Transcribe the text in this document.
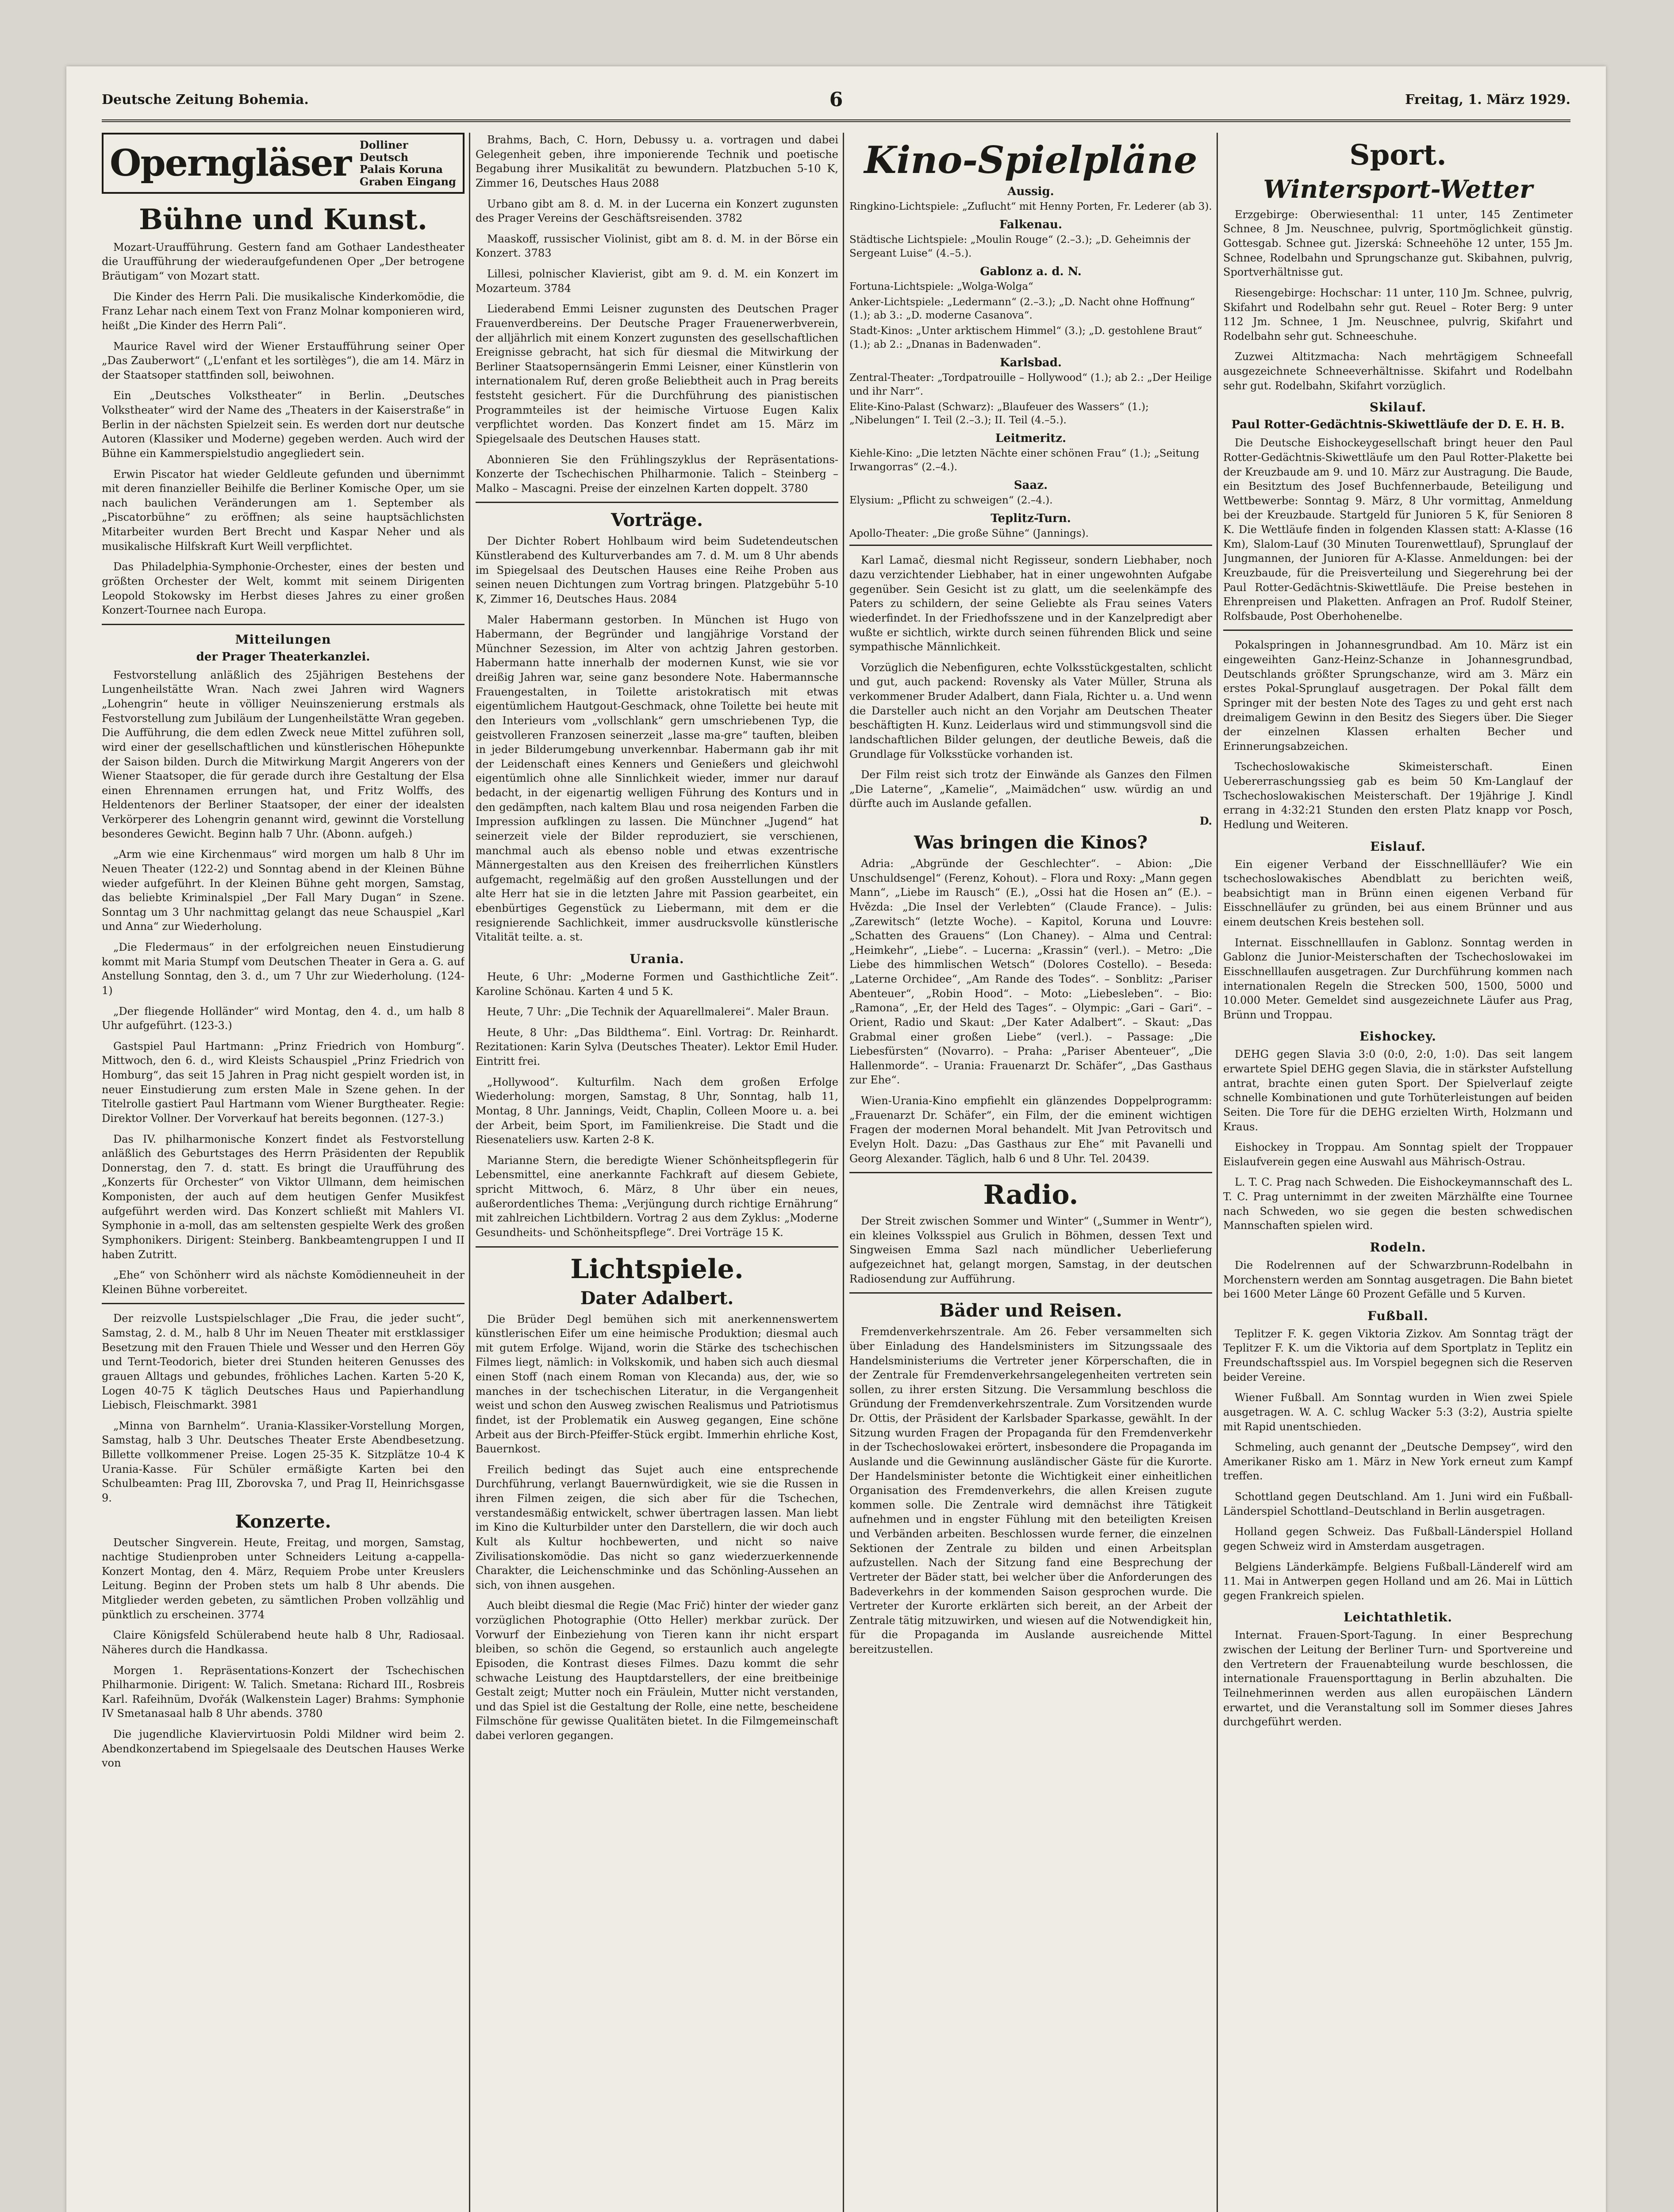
Deutsche Zeitung Bohemia.	6	Freitag, 1. März 1929.
Operngläser Dolliner Deutsch
Palais Koruna
Graben Eingang
Bühne und Kunst.

Mozart-Uraufführung. Gestern fand am Gothaer Landestheater die Uraufführung der wiederaufgefundenen Oper „Der betrogene Bräutigam“ von Mozart statt.

Die Kinder des Herrn Pali. Die musikalische Kinderkomödie, die Franz Lehar nach einem Text von Franz Molnar komponieren wird, heißt „Die Kinder des Herrn Pali“.

Maurice Ravel wird der Wiener Erstaufführung seiner Oper „Das Zauberwort“ („L'enfant et les sortilèges“), die am 14. März in der Staatsoper stattfinden soll, beiwohnen.

Ein „Deutsches Volkstheater“ in Berlin. „Deutsches Volkstheater“ wird der Name des „Theaters in der Kaiserstraße“ in Berlin in der nächsten Spielzeit sein. Es werden dort nur deutsche Autoren (Klassiker und Moderne) gegeben werden. Auch wird der Bühne ein Kammerspielstudio angegliedert sein.

Erwin Piscator hat wieder Geldleute gefunden und übernimmt mit deren finanzieller Beihilfe die Berliner Komische Oper, um sie nach baulichen Veränderungen am 1. September als „Piscatorbühne“ zu eröffnen; als seine hauptsächlichsten Mitarbeiter wurden Bert Brecht und Kaspar Neher und als musikalische Hilfskraft Kurt Weill verpflichtet.

Das Philadelphia-Symphonie-Orchester, eines der besten und größten Orchester der Welt, kommt mit seinem Dirigenten Leopold Stokowsky im Herbst dieses Jahres zu einer großen Konzert-Tournee nach Europa.

Mitteilungen
der Prager Theaterkanzlei.

Festvorstellung anläßlich des 25jährigen Bestehens der Lungenheilstätte Wran. Nach zwei Jahren wird Wagners „Lohengrin“ heute in völliger Neuinszenierung erstmals als Festvorstellung zum Jubiläum der Lungenheilstätte Wran gegeben. Die Aufführung, die dem edlen Zweck neue Mittel zuführen soll, wird einer der gesellschaftlichen und künstlerischen Höhepunkte der Saison bilden. Durch die Mitwirkung Margit Angerers von der Wiener Staatsoper, die für gerade durch ihre Gestaltung der Elsa einen Ehrennamen errungen hat, und Fritz Wolffs, des Heldentenors der Berliner Staatsoper, der einer der idealsten Verkörperer des Lohengrin genannt wird, gewinnt die Vorstellung besonderes Gewicht. Beginn halb 7 Uhr. (Abonn. aufgeh.)

„Arm wie eine Kirchenmaus“ wird morgen um halb 8 Uhr im Neuen Theater (122-2) und Sonntag abend in der Kleinen Bühne wieder aufgeführt. In der Kleinen Bühne geht morgen, Samstag, das beliebte Kriminalspiel „Der Fall Mary Dugan“ in Szene. Sonntag um 3 Uhr nachmittag gelangt das neue Schauspiel „Karl und Anna“ zur Wiederholung.

„Die Fledermaus“ in der erfolgreichen neuen Einstudierung kommt mit Maria Stumpf vom Deutschen Theater in Gera a. G. auf Anstellung Sonntag, den 3. d., um 7 Uhr zur Wiederholung. (124-1)

„Der fliegende Holländer“ wird Montag, den 4. d., um halb 8 Uhr aufgeführt. (123-3.)

Gastspiel Paul Hartmann: „Prinz Friedrich von Homburg“. Mittwoch, den 6. d., wird Kleists Schauspiel „Prinz Friedrich von Homburg“, das seit 15 Jahren in Prag nicht gespielt worden ist, in neuer Einstudierung zum ersten Male in Szene gehen. In der Titelrolle gastiert Paul Hartmann vom Wiener Burgtheater. Regie: Direktor Vollner. Der Vorverkauf hat bereits begonnen. (127-3.)

Das IV. philharmonische Konzert findet als Festvorstellung anläßlich des Geburtstages des Herrn Präsidenten der Republik Donnerstag, den 7. d. statt. Es bringt die Uraufführung des „Konzerts für Orchester“ von Viktor Ullmann, dem heimischen Komponisten, der auch auf dem heutigen Genfer Musikfest aufgeführt werden wird. Das Konzert schließt mit Mahlers VI. Symphonie in a-moll, das am seltensten gespielte Werk des großen Symphonikers. Dirigent: Steinberg. Bankbeamtengruppen I und II haben Zutritt.

„Ehe“ von Schönherr wird als nächste Komödienneuheit in der Kleinen Bühne vorbereitet.

Der reizvolle Lustspielschlager „Die Frau, die jeder sucht“, Samstag, 2. d. M., halb 8 Uhr im Neuen Theater mit erstklassiger Besetzung mit den Frauen Thiele und Wesser und den Herren Göy und Ternt-Teodorich, bieter drei Stunden heiteren Genusses des grauen Alltags und gebundes, fröhliches Lachen. Karten 5-20 K, Logen 40-75 K täglich Deutsches Haus und Papierhandlung Liebisch, Fleischmarkt. 3981

„Minna von Barnhelm“. Urania-Klassiker-Vorstellung Morgen, Samstag, halb 3 Uhr. Deutsches Theater Erste Abendbesetzung. Billette vollkommener Preise. Logen 25-35 K. Sitzplätze 10-4 K Urania-Kasse. Für Schüler ermäßigte Karten bei den Schulbeamten: Prag III, Zborovska 7, und Prag II, Heinrichsgasse 9.

Konzerte.

Deutscher Singverein. Heute, Freitag, und morgen, Samstag, nachtige Studienproben unter Schneiders Leitung a-cappella-Konzert Montag, den 4. März, Requiem Probe unter Kreuslers Leitung. Beginn der Proben stets um halb 8 Uhr abends. Die Mitglieder werden gebeten, zu sämtlichen Proben vollzählig und pünktlich zu erscheinen. 3774

Claire Königsfeld Schülerabend heute halb 8 Uhr, Radiosaal. Näheres durch die Handkassa.

Morgen 1. Repräsentations-Konzert der Tschechischen Philharmonie. Dirigent: W. Talich. Smetana: Richard III., Rosbreis Karl. Rafeihnüm, Dvořák (Walkenstein Lager) Brahms: Symphonie IV Smetanasaal halb 8 Uhr abends. 3780

Die jugendliche Klaviervirtuosin Poldi Mildner wird beim 2. Abendkonzertabend im Spiegelsaale des Deutschen Hauses Werke von

Brahms, Bach, C. Horn, Debussy u. a. vortragen und dabei Gelegenheit geben, ihre imponierende Technik und poetische Begabung ihrer Musikalität zu bewundern. Platzbuchen 5-10 K, Zimmer 16, Deutsches Haus 2088

Urbano gibt am 8. d. M. in der Lucerna ein Konzert zugunsten des Prager Vereins der Geschäftsreisenden. 3782

Maaskoff, russischer Violinist, gibt am 8. d. M. in der Börse ein Konzert. 3783

Lillesi, polnischer Klavierist, gibt am 9. d. M. ein Konzert im Mozarteum. 3784

Liederabend Emmi Leisner zugunsten des Deutschen Prager Frauenverdbereins. Der Deutsche Prager Frauenerwerbverein, der alljährlich mit einem Konzert zugunsten des gesellschaftlichen Ereignisse gebracht, hat sich für diesmal die Mitwirkung der Berliner Staatsopernsängerin Emmi Leisner, einer Künstlerin von internationalem Ruf, deren große Beliebtheit auch in Prag bereits feststeht gesichert. Für die Durchführung des pianistischen Programmteiles ist der heimische Virtuose Eugen Kalix verpflichtet worden. Das Konzert findet am 15. März im Spiegelsaale des Deutschen Hauses statt.

Abonnieren Sie den Frühlingszyklus der Repräsentations-Konzerte der Tschechischen Philharmonie. Talich – Steinberg – Malko – Mascagni. Preise der einzelnen Karten doppelt. 3780

Vorträge.

Der Dichter Robert Hohlbaum wird beim Sudetendeutschen Künstlerabend des Kulturverbandes am 7. d. M. um 8 Uhr abends im Spiegelsaal des Deutschen Hauses eine Reihe Proben aus seinen neuen Dichtungen zum Vortrag bringen. Platzgebühr 5-10 K, Zimmer 16, Deutsches Haus. 2084

Maler Habermann gestorben. In München ist Hugo von Habermann, der Begründer und langjährige Vorstand der Münchner Sezession, im Alter von achtzig Jahren gestorben. Habermann hatte innerhalb der modernen Kunst, wie sie vor dreißig Jahren war, seine ganz besondere Note. Habermannsche Frauengestalten, in Toilette aristokratisch mit etwas eigentümlichem Hautgout-Geschmack, ohne Toilette bei heute mit den Interieurs vom „vollschlank“ gern umschriebenen Typ, die geistvolleren Franzosen seinerzeit „lasse ma-gre“ tauften, bleiben in jeder Bilderumgebung unverkennbar. Habermann gab ihr mit der Leidenschaft eines Kenners und Genießers und gleichwohl eigentümlich ohne alle Sinnlichkeit wieder, immer nur darauf bedacht, in der eigenartig welligen Führung des Konturs und in den gedämpften, nach kaltem Blau und rosa neigenden Farben die Impression aufklingen zu lassen. Die Münchner „Jugend“ hat seinerzeit viele der Bilder reproduziert, sie verschienen, manchmal auch als ebenso noble und etwas exzentrische Männergestalten aus den Kreisen des freiherrlichen Künstlers aufgemacht, regelmäßig auf den großen Ausstellungen und der alte Herr hat sie in die letzten Jahre mit Passion gearbeitet, ein ebenbürtiges Gegenstück zu Liebermann, mit dem er die resignierende Sachlichkeit, immer ausdrucksvolle künstlerische Vitalität teilte. a. st.

Urania.

Heute, 6 Uhr: „Moderne Formen und Gasthichtliche Zeit“. Karoline Schönau. Karten 4 und 5 K.

Heute, 7 Uhr: „Die Technik der Aquarellmalerei“. Maler Braun.

Heute, 8 Uhr: „Das Bildthema“. Einl. Vortrag: Dr. Reinhardt. Rezitationen: Karin Sylva (Deutsches Theater). Lektor Emil Huder. Eintritt frei.

„Hollywood“. Kulturfilm. Nach dem großen Erfolge Wiederholung: morgen, Samstag, 8 Uhr, Sonntag, halb 11, Montag, 8 Uhr. Jannings, Veidt, Chaplin, Colleen Moore u. a. bei der Arbeit, beim Sport, im Familienkreise. Die Stadt und die Riesenateliers usw. Karten 2-8 K.

Marianne Stern, die beredigte Wiener Schönheitspflegerin für Lebensmittel, eine anerkannte Fachkraft auf diesem Gebiete, spricht Mittwoch, 6. März, 8 Uhr über ein neues, außerordentliches Thema: „Verjüngung durch richtige Ernährung“ mit zahlreichen Lichtbildern. Vortrag 2 aus dem Zyklus: „Moderne Gesundheits- und Schönheitspflege“. Drei Vorträge 15 K.

Lichtspiele.
Dater Adalbert.

Die Brüder Degl bemühen sich mit anerkennenswertem künstlerischen Eifer um eine heimische Produktion; diesmal auch mit gutem Erfolge. Wijand, worin die Stärke des tschechischen Filmes liegt, nämlich: in Volkskomik, und haben sich auch diesmal einen Stoff (nach einem Roman von Klecanda) aus, der, wie so manches in der tschechischen Literatur, in die Vergangenheit weist und schon den Ausweg zwischen Realismus und Patriotismus findet, ist der Problematik ein Ausweg gegangen, Eine schöne Arbeit aus der Birch-Pfeiffer-Stück ergibt. Immerhin ehrliche Kost, Bauernkost.

Freilich bedingt das Sujet auch eine entsprechende Durchführung, verlangt Bauernwürdigkeit, wie sie die Russen in ihren Filmen zeigen, die sich aber für die Tschechen, verstandesmäßig entwickelt, schwer übertragen lassen. Man liebt im Kino die Kulturbilder unter den Darstellern, die wir doch auch Kult als Kultur hochbewerten, und nicht so naive Zivilisationskomödie. Das nicht so ganz wiederzuerkennende Charakter, die Leichenschminke und das Schönling-Aussehen an sich, von ihnen ausgehen.

Auch bleibt diesmal die Regie (Mac Frič) hinter der wieder ganz vorzüglichen Photographie (Otto Heller) merkbar zurück. Der Vorwurf der Einbeziehung von Tieren kann ihr nicht erspart bleiben, so schön die Gegend, so erstaunlich auch angelegte Episoden, die Kontrast dieses Filmes. Dazu kommt die sehr schwache Leistung des Hauptdarstellers, der eine breitbeinige Gestalt zeigt; Mutter noch ein Fräulein, Mutter nicht verstanden, und das Spiel ist die Gestaltung der Rolle, eine nette, bescheidene Filmschöne für gewisse Qualitäten bietet. In die Filmgemeinschaft dabei verloren gegangen.

Kino-Spielpläne
Aussig.
Ringkino-Lichtspiele: „Zuflucht“ mit Henny Porten, Fr. Lederer (ab 3).
Falkenau.
Städtische Lichtspiele: „Moulin Rouge“ (2.–3.); „D. Geheimnis der Sergeant Luise“ (4.–5.).
Gablonz a. d. N.
Fortuna-Lichtspiele: „Wolga-Wolga“
Anker-Lichtspiele: „Ledermann“ (2.–3.); „D. Nacht ohne Hoffnung“ (1.); ab 3.: „D. moderne Casanova“.
Stadt-Kinos: „Unter arktischem Himmel“ (3.); „D. gestohlene Braut“ (1.); ab 2.: „Dnanas in Badenwaden“.
Karlsbad.
Zentral-Theater: „Tordpatrouille – Hollywood“ (1.); ab 2.: „Der Heilige und ihr Narr“.
Elite-Kino-Palast (Schwarz): „Blaufeuer des Wassers“ (1.); „Nibelungen“ I. Teil (2.–3.); II. Teil (4.–5.).
Leitmeritz.
Kiehle-Kino: „Die letzten Nächte einer schönen Frau“ (1.); „Seitung Irwangorras“ (2.–4.).
Saaz.
Elysium: „Pflicht zu schweigen“ (2.–4.).
Teplitz-Turn.
Apollo-Theater: „Die große Sühne“ (Jannings).

Karl Lamač, diesmal nicht Regisseur, sondern Liebhaber, noch dazu verzichtender Liebhaber, hat in einer ungewohnten Aufgabe gegenüber. Sein Gesicht ist zu glatt, um die seelenkämpfe des Paters zu schildern, der seine Geliebte als Frau seines Vaters wiederfindet. In der Friedhofsszene und in der Kanzelpredigt aber wußte er sichtlich, wirkte durch seinen führenden Blick und seine sympathische Männlichkeit.

Vorzüglich die Nebenfiguren, echte Volksstückgestalten, schlicht und gut, auch packend: Rovensky als Vater Müller, Struna als verkommener Bruder Adalbert, dann Fiala, Richter u. a. Und wenn die Darsteller auch nicht an den Vorjahr am Deutschen Theater beschäftigten H. Kunz. Leiderlaus wird und stimmungsvoll sind die landschaftlichen Bilder gelungen, der deutliche Beweis, daß die Grundlage für Volksstücke vorhanden ist.

Der Film reist sich trotz der Einwände als Ganzes den Filmen „Die Laterne“, „Kamelie“, „Maimädchen“ usw. würdig an und dürfte auch im Auslande gefallen.

D.
Was bringen die Kinos?

Adria: „Abgründe der Geschlechter“. – Abion: „Die Unschuldsengel“ (Ferenz, Kohout). – Flora und Roxy: „Mann gegen Mann“, „Liebe im Rausch“ (E.), „Ossi hat die Hosen an“ (E.). – Hvězda: „Die Insel der Verlebten“ (Claude France). – Julis: „Zarewitsch“ (letzte Woche). – Kapitol, Koruna und Louvre: „Schatten des Grauens“ (Lon Chaney). – Alma und Central: „Heimkehr“, „Liebe“. – Lucerna: „Krassin“ (verl.). – Metro: „Die Liebe des himmlischen Wetsch“ (Dolores Costello). – Beseda: „Laterne Orchidee“, „Am Rande des Todes“. – Sonblitz: „Pariser Abenteuer“, „Robin Hood“. – Moto: „Liebesleben“. – Bio: „Ramona“, „Er, der Held des Tages“. – Olympic: „Gari – Gari“. – Orient, Radio und Skaut: „Der Kater Adalbert“. – Skaut: „Das Grabmal einer großen Liebe“ (verl.). – Passage: „Die Liebesfürsten“ (Novarro). – Praha: „Pariser Abenteuer“, „Die Hallenmorde“. – Urania: Frauenarzt Dr. Schäfer“, „Das Gasthaus zur Ehe“.

Wien-Urania-Kino empfiehlt ein glänzendes Doppelprogramm: „Frauenarzt Dr. Schäfer“, ein Film, der die eminent wichtigen Fragen der modernen Moral behandelt. Mit Jvan Petrovitsch und Evelyn Holt. Dazu: „Das Gasthaus zur Ehe“ mit Pavanelli und Georg Alexander. Täglich, halb 6 und 8 Uhr. Tel. 20439.

Radio.

Der Streit zwischen Sommer und Winter“ („Summer in Wentr“), ein kleines Volksspiel aus Grulich in Böhmen, dessen Text und Singweisen Emma Sazl nach mündlicher Ueberlieferung aufgezeichnet hat, gelangt morgen, Samstag, in der deutschen Radiosendung zur Aufführung.

Bäder und Reisen.

Fremdenverkehrszentrale. Am 26. Feber versammelten sich über Einladung des Handelsministers im Sitzungssaale des Handelsministeriums die Vertreter jener Körperschaften, die in der Zentrale für Fremdenverkehrsangelegenheiten vertreten sein sollen, zu ihrer ersten Sitzung. Die Versammlung beschloss die Gründung der Fremdenverkehrszentrale. Zum Vorsitzenden wurde Dr. Ottis, der Präsident der Karlsbader Sparkasse, gewählt. In der Sitzung wurden Fragen der Propaganda für den Fremdenverkehr in der Tschechoslowakei erörtert, insbesondere die Propaganda im Auslande und die Gewinnung ausländischer Gäste für die Kurorte. Der Handelsminister betonte die Wichtigkeit einer einheitlichen Organisation des Fremdenverkehrs, die allen Kreisen zugute kommen solle. Die Zentrale wird demnächst ihre Tätigkeit aufnehmen und in engster Fühlung mit den beteiligten Kreisen und Verbänden arbeiten. Beschlossen wurde ferner, die einzelnen Sektionen der Zentrale zu bilden und einen Arbeitsplan aufzustellen. Nach der Sitzung fand eine Besprechung der Vertreter der Bäder statt, bei welcher über die Anforderungen des Badeverkehrs in der kommenden Saison gesprochen wurde. Die Vertreter der Kurorte erklärten sich bereit, an der Arbeit der Zentrale tätig mitzuwirken, und wiesen auf die Notwendigkeit hin, für die Propaganda im Auslande ausreichende Mittel bereitzustellen.

Sport.
Wintersport-Wetter

Erzgebirge: Oberwiesenthal: 11 unter, 145 Zentimeter Schnee, 8 Jm. Neuschnee, pulvrig, Sportmöglichkeit günstig. Gottesgab. Schnee gut. Jizerská: Schneehöhe 12 unter, 155 Jm. Schnee, Rodelbahn und Sprungschanze gut. Skibahnen, pulvrig, Sportverhältnisse gut.

Riesengebirge: Hochschar: 11 unter, 110 Jm. Schnee, pulvrig, Skifahrt und Rodelbahn sehr gut. Reuel – Roter Berg: 9 unter 112 Jm. Schnee, 1 Jm. Neuschnee, pulvrig, Skifahrt und Rodelbahn sehr gut. Schneeschuhe.

Zuzwei Altitzmacha: Nach mehrtägigem Schneefall ausgezeichnete Schneeverhältnisse. Skifahrt und Rodelbahn sehr gut. Rodelbahn, Skifahrt vorzüglich.

Skilauf.
Paul Rotter-Gedächtnis-Skiwettläufe der D. E. H. B.

Die Deutsche Eishockeygesellschaft bringt heuer den Paul Rotter-Gedächtnis-Skiwettläufe um den Paul Rotter-Plakette bei der Kreuzbaude am 9. und 10. März zur Austragung. Die Baude, ein Besitztum des Josef Buchfennerbaude, Beteiligung und Wettbewerbe: Sonntag 9. März, 8 Uhr vormittag, Anmeldung bei der Kreuzbaude. Startgeld für Junioren 5 K, für Senioren 8 K. Die Wettläufe finden in folgenden Klassen statt: A-Klasse (16 Km), Slalom-Lauf (30 Minuten Tourenwettlauf), Sprunglauf der Jungmannen, der Junioren für A-Klasse. Anmeldungen: bei der Kreuzbaude, für die Preisverteilung und Siegerehrung bei der Paul Rotter-Gedächtnis-Skiwettläufe. Die Preise bestehen in Ehrenpreisen und Plaketten. Anfragen an Prof. Rudolf Steiner, Rolfsbaude, Post Oberhohenelbe.

Pokalspringen in Johannesgrundbad. Am 10. März ist ein eingeweihten Ganz-Heinz-Schanze in Johannesgrundbad, Deutschlands größter Sprungschanze, wird am 3. März ein erstes Pokal-Sprunglauf ausgetragen. Der Pokal fällt dem Springer mit der besten Note des Tages zu und geht erst nach dreimaligem Gewinn in den Besitz des Siegers über. Die Sieger der einzelnen Klassen erhalten Becher und Erinnerungsabzeichen.

Tschechoslowakische Skimeisterschaft. Einen Uebererraschungssieg gab es beim 50 Km-Langlauf der Tschechoslowakischen Meisterschaft. Der 19jährige J. Kindl errang in 4:32:21 Stunden den ersten Platz knapp vor Posch, Hedlung und Weiteren.

Eislauf.

Ein eigener Verband der Eisschnellläufer? Wie ein tschechoslowakisches Abendblatt zu berichten weiß, beabsichtigt man in Brünn einen eigenen Verband für Eisschnelläufer zu gründen, bei aus einem Brünner und aus einem deutschen Kreis bestehen soll.

Internat. Eisschnelllaufen in Gablonz. Sonntag werden in Gablonz die Junior-Meisterschaften der Tschechoslowakei im Eisschnelllaufen ausgetragen. Zur Durchführung kommen nach internationalen Regeln die Strecken 500, 1500, 5000 und 10.000 Meter. Gemeldet sind ausgezeichnete Läufer aus Prag, Brünn und Troppau.

Eishockey.

DEHG gegen Slavia 3:0 (0:0, 2:0, 1:0). Das seit langem erwartete Spiel DEHG gegen Slavia, die in stärkster Aufstellung antrat, brachte einen guten Sport. Der Spielverlauf zeigte schnelle Kombinationen und gute Torhüterleistungen auf beiden Seiten. Die Tore für die DEHG erzielten Wirth, Holzmann und Kraus.

Eishockey in Troppau. Am Sonntag spielt der Troppauer Eislaufverein gegen eine Auswahl aus Mährisch-Ostrau.

L. T. C. Prag nach Schweden. Die Eishockeymannschaft des L. T. C. Prag unternimmt in der zweiten Märzhälfte eine Tournee nach Schweden, wo sie gegen die besten schwedischen Mannschaften spielen wird.

Rodeln.

Die Rodelrennen auf der Schwarzbrunn-Rodelbahn in Morchenstern werden am Sonntag ausgetragen. Die Bahn bietet bei 1600 Meter Länge 60 Prozent Gefälle und 5 Kurven.

Fußball.

Teplitzer F. K. gegen Viktoria Zizkov. Am Sonntag trägt der Teplitzer F. K. um die Viktoria auf dem Sportplatz in Teplitz ein Freundschaftsspiel aus. Im Vorspiel begegnen sich die Reserven beider Vereine.

Wiener Fußball. Am Sonntag wurden in Wien zwei Spiele ausgetragen. W. A. C. schlug Wacker 5:3 (3:2), Austria spielte mit Rapid unentschieden.

Schmeling, auch genannt der „Deutsche Dempsey“, wird den Amerikaner Risko am 1. März in New York erneut zum Kampf treffen.

Schottland gegen Deutschland. Am 1. Juni wird ein Fußball-Länderspiel Schottland–Deutschland in Berlin ausgetragen.

Holland gegen Schweiz. Das Fußball-Länderspiel Holland gegen Schweiz wird in Amsterdam ausgetragen.

Belgiens Länderkämpfe. Belgiens Fußball-Länderelf wird am 11. Mai in Antwerpen gegen Holland und am 26. Mai in Lüttich gegen Frankreich spielen.

Leichtathletik.

Internat. Frauen-Sport-Tagung. In einer Besprechung zwischen der Leitung der Berliner Turn- und Sportvereine und den Vertretern der Frauenabteilung wurde beschlossen, die internationale Frauensporttagung in Berlin abzuhalten. Die Teilnehmerinnen werden aus allen europäischen Ländern erwartet, und die Veranstaltung soll im Sommer dieses Jahres durchgeführt werden.
